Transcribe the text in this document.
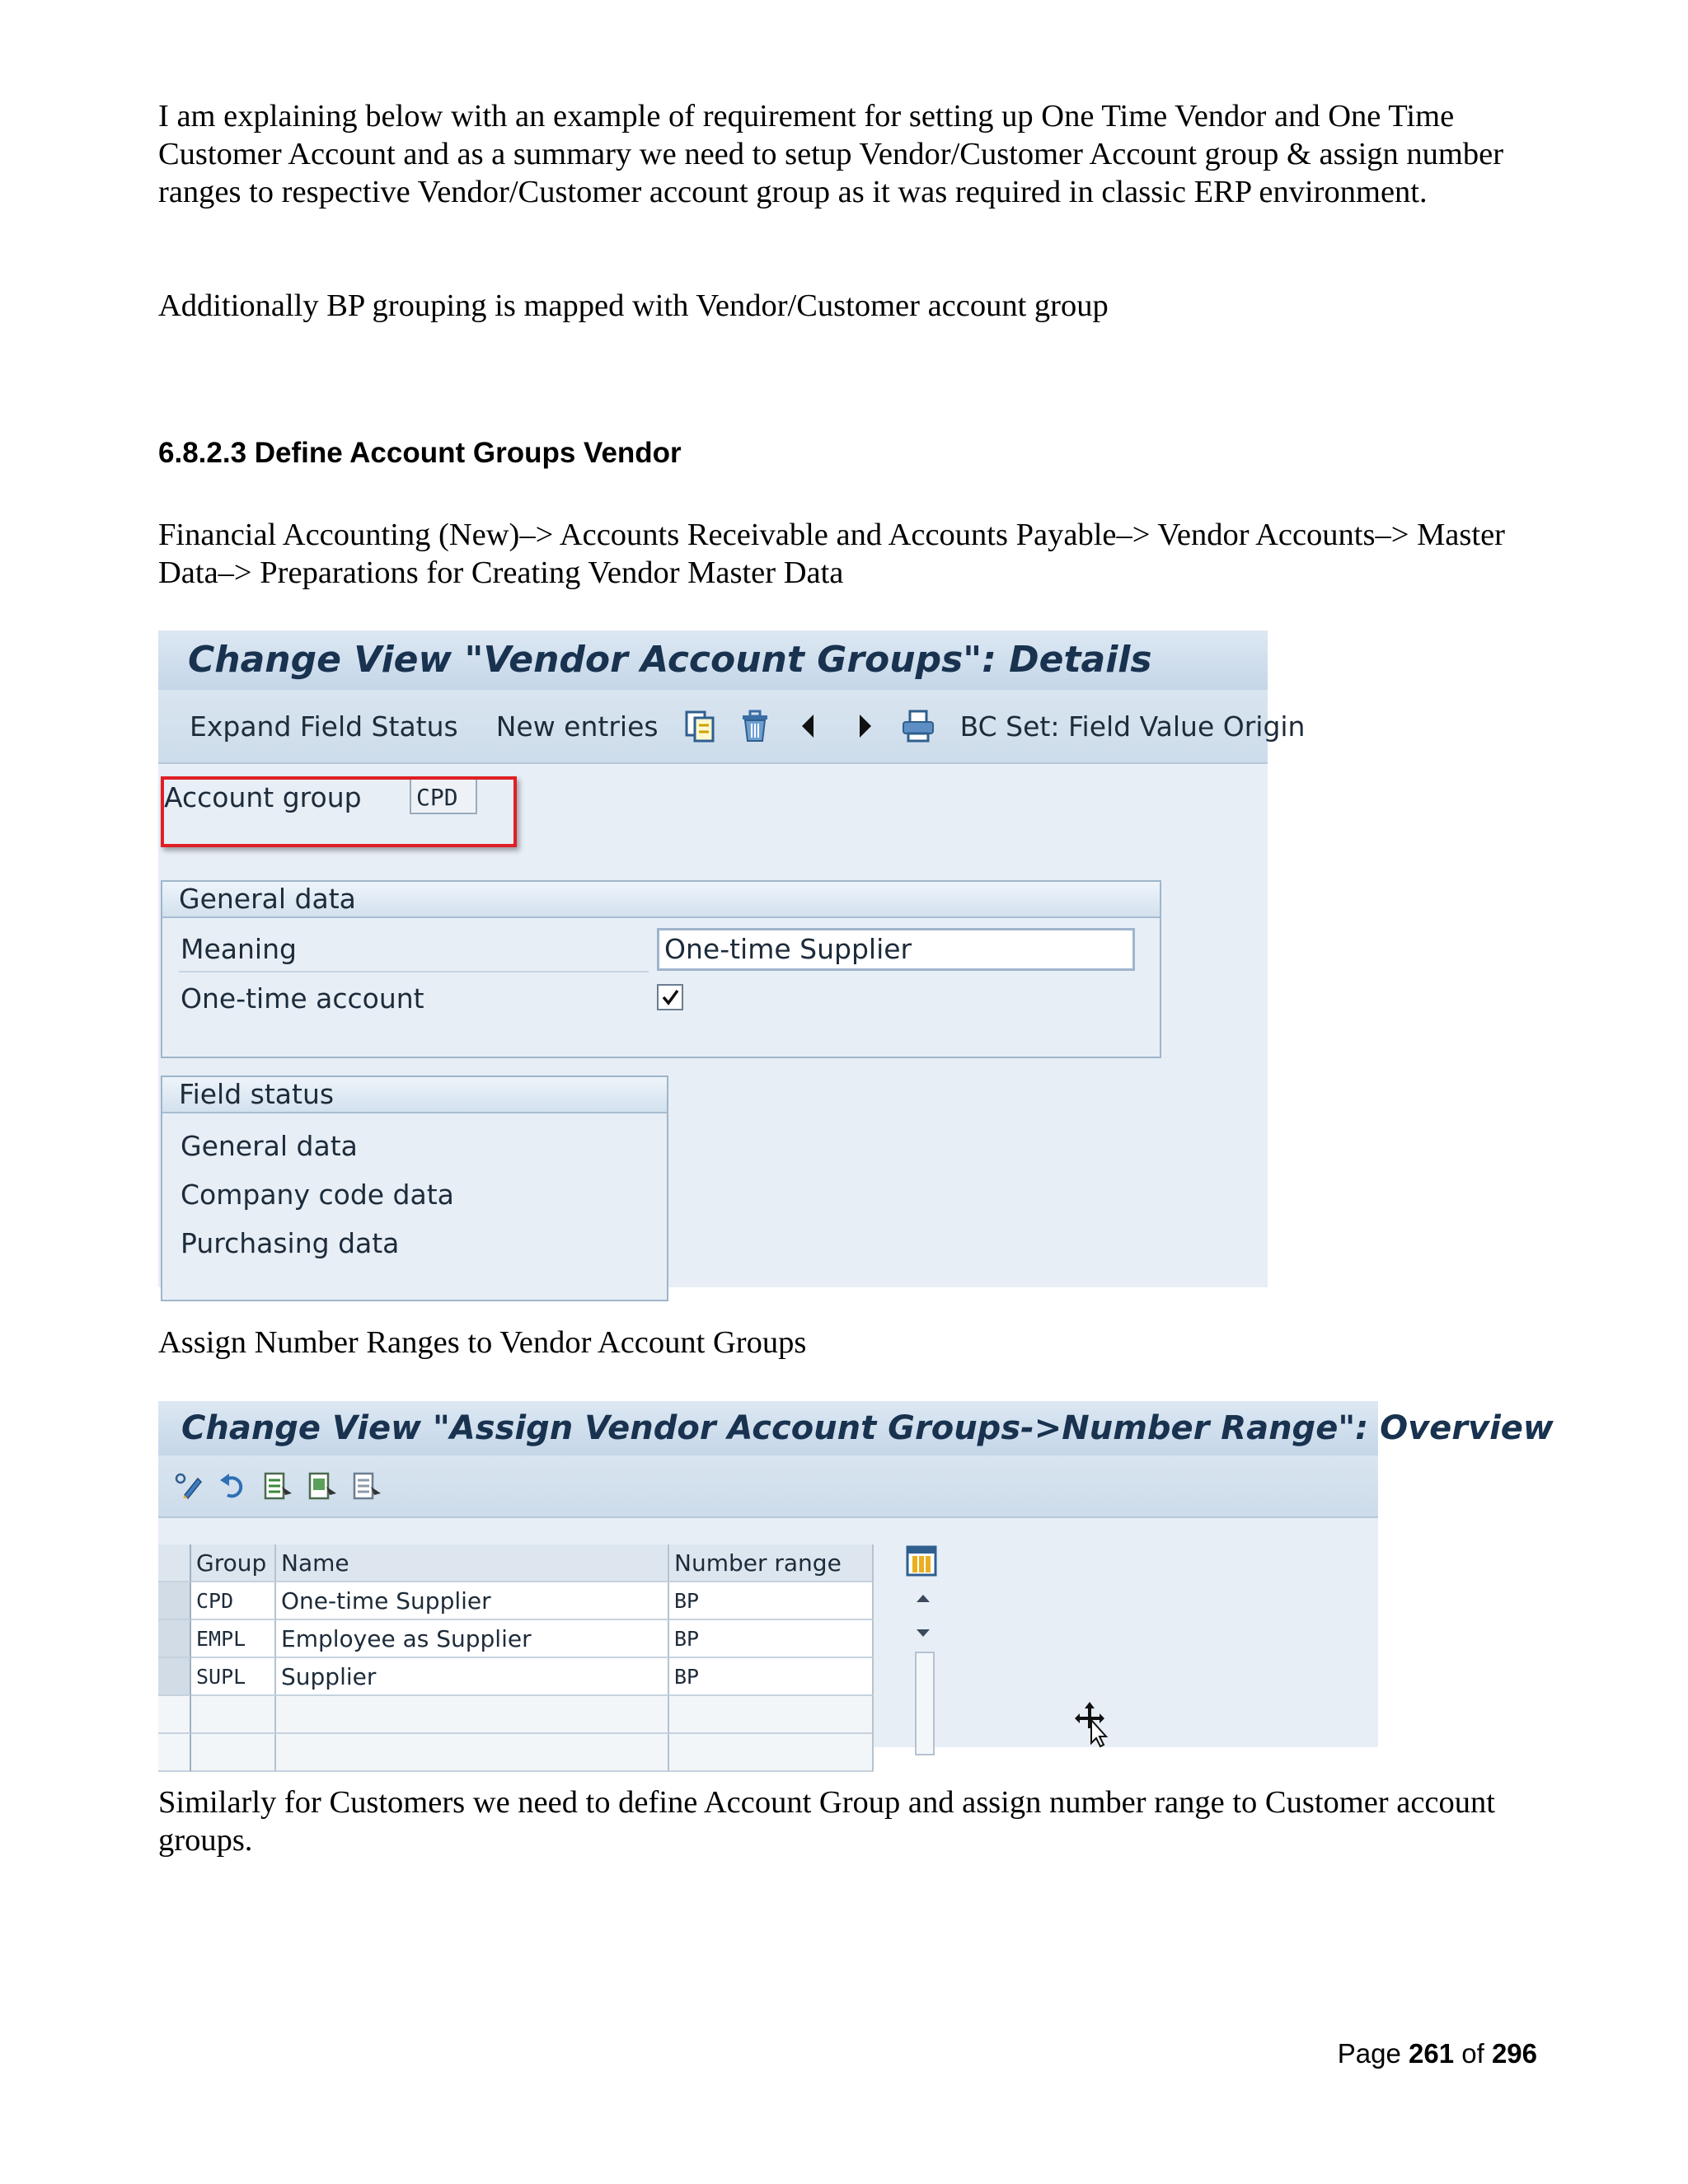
I am explaining below with an example of requirement for setting up One Time Vendor and One Time Customer Account and as a summary we need to setup Vendor/Customer Account group & assign number ranges to respective Vendor/Customer account group as it was required in classic ERP environment.

Additionally BP grouping is mapped with Vendor/Customer account group

6.8.2.3 Define Account Groups Vendor

Financial Accounting (New)–> Accounts Receivable and Accounts Payable–> Vendor Accounts–> Master Data–> Preparations for Creating Vendor Master Data

Change View "Vendor Account Groups": Details
Expand Field Status New entries	BC Set: Field Value Origin
Account group CPD
General data
Meaning	One-time Supplier
One-time account
Field status
General data
Company code data
Purchasing data

Assign Number Ranges to Vendor Account Groups

Change View "Assign Vendor Account Groups->Number Range": Overview
Group Name	Number range
CPD	One-time Supplier	BP
EMPL	Employee as Supplier	BP
SUPL	Supplier	BP

Similarly for Customers we need to define Account Group and assign number range to Customer account groups.

Page 261 of 296
